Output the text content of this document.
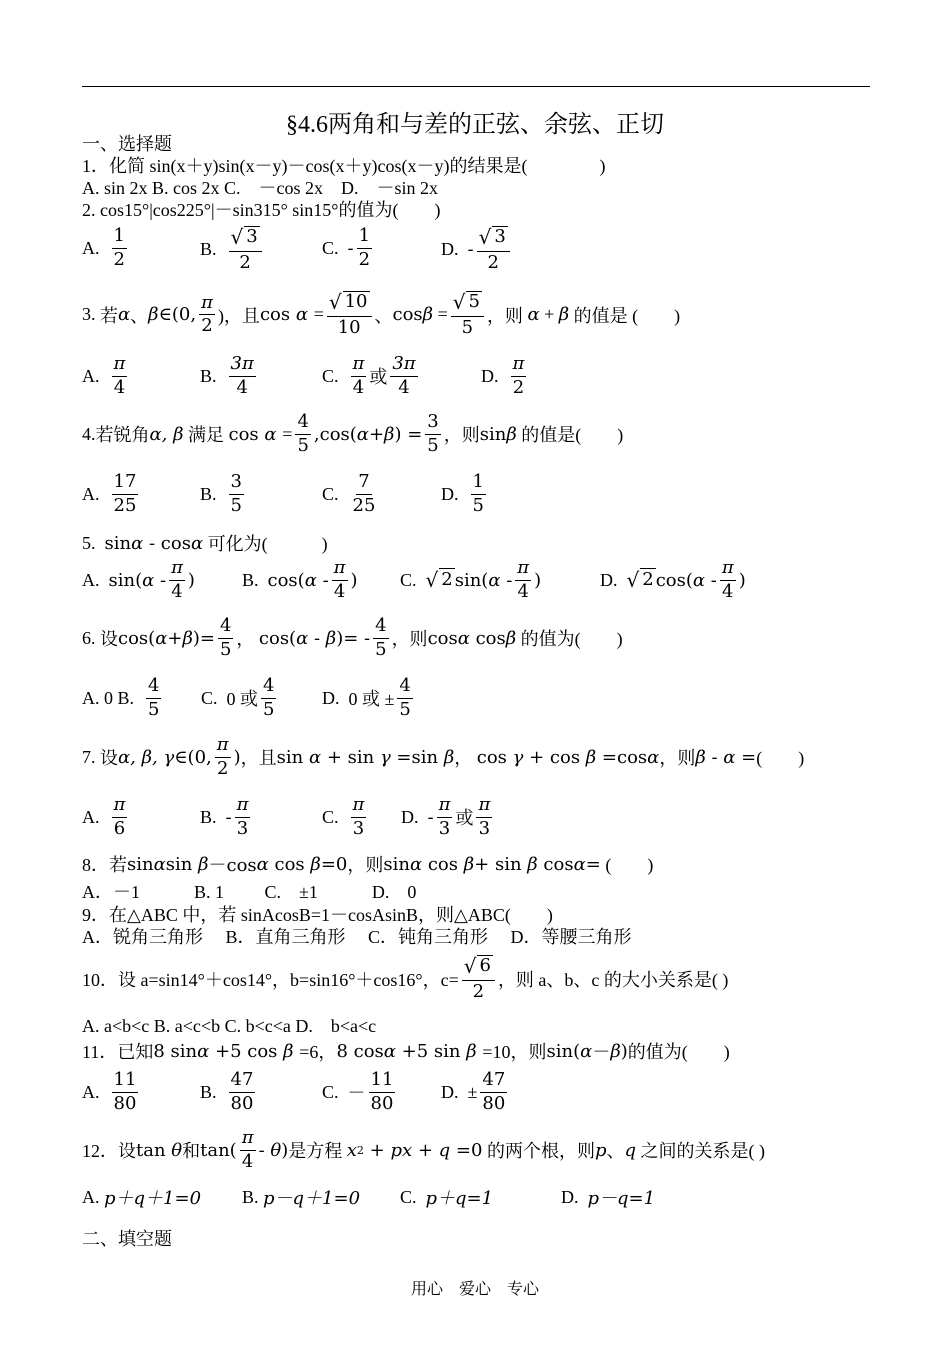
§4.6两角和与差的正弦、余弦、正切
一、选择题
1．化简 sin(x＋y)sin(x－y)－cos(x＋y)cos(x－y)的结果是(　　　　)
A. sin 2x B. cos 2x C.　－cos 2x　D.　－sin 2x
2. cos15°|cos225°|－sin315° sin15°的值为(　　)
A.
$\frac{1}{2}$	B.
$\frac{√ 3}{2}$	C.
- $\frac{1}{2}$	D.
- $\frac{√ 3}{2}$
3.
若 α 、 β ∈(0, $\frac{\pi}{2}$ )，且 $\cos \alpha = \frac{√ 10}{10}$ 、 $\cos \beta = \frac{√ 5}{5}$ ，则
α + β
的值是 (　　)
A.
$\frac{\pi}{4}$	B.
$\frac{3\pi}{4}$	C.
$\frac{\pi}{4}$ 或 $\frac{3\pi}{4}$	D.
$\frac{\pi}{2}$
4. 若锐角 α, β
满足
$\cos \alpha = \frac{4}{5} ,\cos$( α + β ) = $\frac{3}{5}$ ，则 sin β
的值是(　　)
A.
$\frac{17}{25}$	B.
$\frac{3}{5}$	C.
$\frac{7}{25}$	D.
$\frac{1}{5}$
5.
sin α - cos α
可化为(　　　)
A.
sin( α - $\frac{\pi}{4}$ )	B.
cos( α - $\frac{\pi}{4}$ ) C.
√ 2 sin( α - $\frac{\pi}{4}$ )	D.
√ 2 cos( α - $\frac{\pi}{4}$ )
6.
设 cos( α + β )= $\frac{4}{5}$ ，
cos( α - β )= - $\frac{4}{5}$ ，则 cos α cos β
的值为(　　)
A. 0 B.
$\frac{4}{5} C$.
0 或 $\frac{4}{5}$	D.
0 或 ± $\frac{4}{5}$
7.
设 α, β, γ ∈(0, $\frac{\pi}{2}$ ) ，且 sin α + sin γ =sin β ，
cos γ + cos β =cos α ，则 β - α = (　　)
A.
$\frac{\pi}{6}$	B.
- $\frac{\pi}{3}$	C.
$\frac{\pi}{3} D$.
- $\frac{\pi}{3}$ 或 $\frac{\pi}{3}$
8．若 sin α sin β －cos α cos β =0 ，则 sin α cos β + sin β cos α =
(　　)
A．－1　　　B. 1　　 C.　±1　　　D.　0
9．在△ABC 中，若 sinAcosB=1－cosAsinB，则△ABC(　　)
A．锐角三角形　 B．直角三角形　 C．钝角三角形　 D．等腰三角形
10．设 a=sin14°＋cos14°，b=sin16°＋cos16°，$c= \frac{√ 6}{2}$ ，则 a、b、c 的大小关系是( )
A. a<b<c B. a<c<b C. b<c<a D.　b<a<c
11．已知 8 sin α +5 cos β
=6， 8 cos α +5 sin β
=10，则 sin( α － β ) 的值为(　　)
A.
$\frac{11}{80}$	B.
$\frac{47}{80}$	C.
－ $\frac{11}{80}$	D.
± $\frac{47}{80}$
12．设 tan θ 和 $\tan( \frac{\pi}{4}$ - θ ) 是方程
x 2 + px + q =0
的两个根，则 p 、 q
之间的关系是( )
A.
p＋q＋1=0 B.
p－q＋1=0 C.
p＋q=1	D.
p－q=1
二、填空题
用心　爱心　专心
